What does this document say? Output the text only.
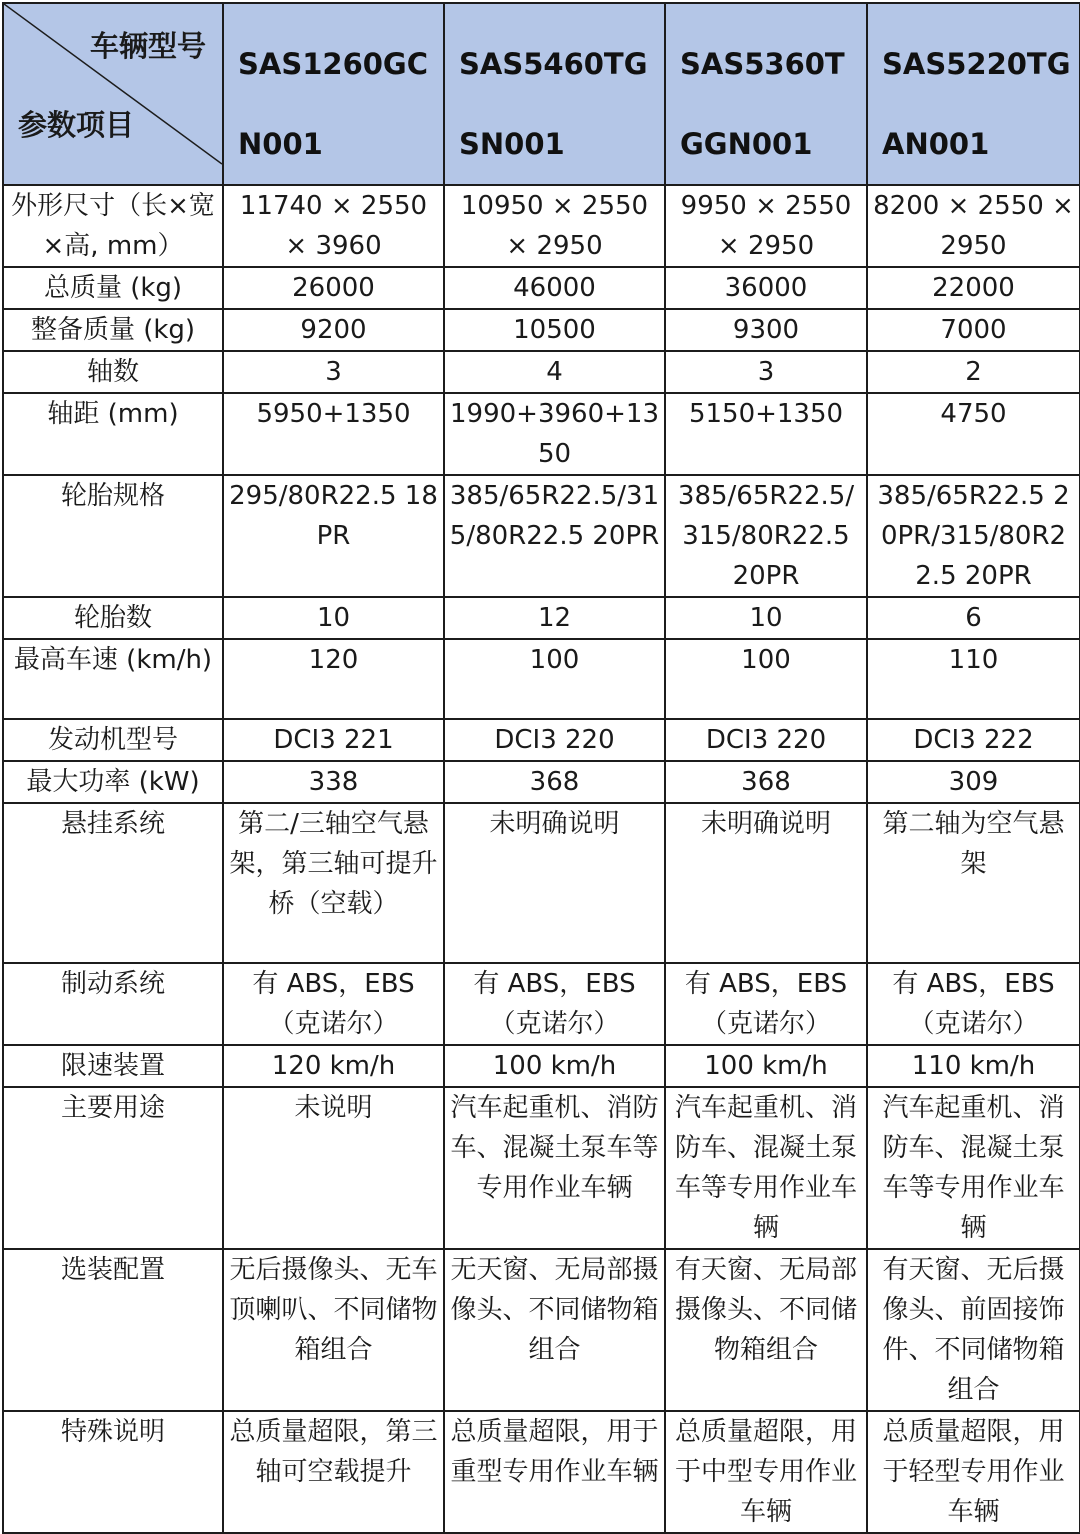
车辆型号
参数项目	SAS1260GCN001	SAS5460TGSN001	SAS5360TGGN001	SAS5220TGAN001

外形尺寸（长×宽×高, mm）	11740 × 2550 × 3960	10950 × 2550 × 2950	9950 × 2550 × 2950	8200 × 2550 × 2950
总质量 (kg)	26000	46000	36000	22000
整备质量 (kg)	9200	10500	9300	7000
轴数	3	4	3	2
轴距 (mm)	5950+1350	1990+3960+1350	5150+1350	4750
轮胎规格	295/80R22.5 18PR	385/65R22.5/315/80R22.5 20PR	385/65R22.5/315/80R22.5 20PR	385/65R22.5 20PR/315/80R22.5 20PR
轮胎数	10	12	10	6
最高车速 (km/h)	120	100	100	110
发动机型号	DCI3 221	DCI3 220	DCI3 220	DCI3 222
最大功率 (kW)	338	368	368	309
悬挂系统	第二/三轴空气悬架，第三轴可提升桥（空载）	未明确说明	未明确说明	第二轴为空气悬架
制动系统	有 ABS，EBS（克诺尔）	有 ABS，EBS（克诺尔）	有 ABS，EBS（克诺尔）	有 ABS，EBS（克诺尔）
限速装置	120 km/h	100 km/h	100 km/h	110 km/h
主要用途	未说明	汽车起重机、消防车、混凝土泵车等专用作业车辆	汽车起重机、消防车、混凝土泵车等专用作业车辆	汽车起重机、消防车、混凝土泵车等专用作业车辆
选装配置	无后摄像头、无车顶喇叭、不同储物箱组合	无天窗、无局部摄像头、不同储物箱组合	有天窗、无局部摄像头、不同储物箱组合	有天窗、无后摄像头、前固接饰件、不同储物箱组合
特殊说明	总质量超限，第三轴可空载提升	总质量超限，用于重型专用作业车辆	总质量超限，用于中型专用作业车辆	总质量超限，用于轻型专用作业车辆
